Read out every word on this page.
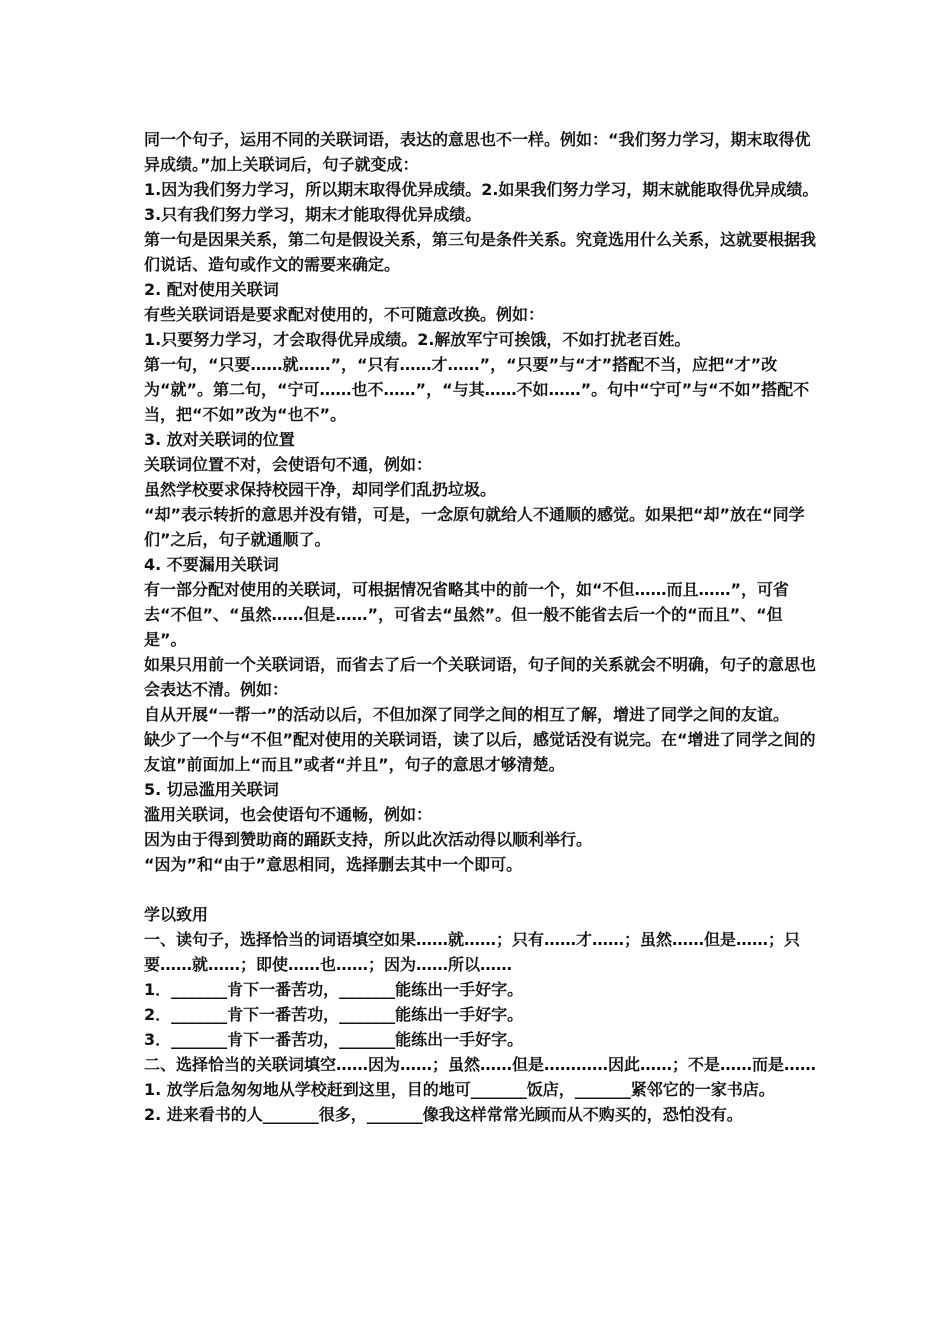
同一个句子，运用不同的关联词语，表达的意思也不一样。例如：“我们努力学习，期末取得优异成绩。”加上关联词后，句子就变成：

1.因为我们努力学习，所以期末取得优异成绩。2.如果我们努力学习，期末就能取得优异成绩。3.只有我们努力学习，期末才能取得优异成绩。

第一句是因果关系，第二句是假设关系，第三句是条件关系。究竟选用什么关系，这就要根据我们说话、造句或作文的需要来确定。

2. 配对使用关联词

有些关联词语是要求配对使用的，不可随意改换。例如：

1.只要努力学习，才会取得优异成绩。2.解放军宁可挨饿，不如打扰老百姓。

第一句，“只要……就……”，“只有……才……”，“只要”与“才”搭配不当，应把“才”改为“就”。第二句，“宁可……也不……”，“与其……不如……”。句中“宁可”与“不如”搭配不当，把“不如”改为“也不”。

3. 放对关联词的位置

关联词位置不对，会使语句不通，例如：

虽然学校要求保持校园干净，却同学们乱扔垃圾。

“却”表示转折的意思并没有错，可是，一念原句就给人不通顺的感觉。如果把“却”放在“同学们”之后，句子就通顺了。

4. 不要漏用关联词

有一部分配对使用的关联词，可根据情况省略其中的前一个，如“不但……而且……”，可省去“不但”、“虽然……但是……”，可省去“虽然”。但一般不能省去后一个的“而且”、“但是”。

如果只用前一个关联词语，而省去了后一个关联词语，句子间的关系就会不明确，句子的意思也会表达不清。例如：

自从开展“一帮一”的活动以后，不但加深了同学之间的相互了解，增进了同学之间的友谊。

缺少了一个与“不但”配对使用的关联词语，读了以后，感觉话没有说完。在“增进了同学之间的友谊”前面加上“而且”或者“并且”，句子的意思才够清楚。

5. 切忌滥用关联词

滥用关联词，也会使语句不通畅，例如：

因为由于得到赞助商的踊跃支持，所以此次活动得以顺利举行。

“因为”和“由于”意思相同，选择删去其中一个即可。

学以致用

一、读句子，选择恰当的词语填空如果……就……；只有……才……；虽然……但是……；只要……就……；即使……也……；因为……所以……

1．_______肯下一番苦功，_______能练出一手好字。

2．_______肯下一番苦功，_______能练出一手好字。

3．_______肯下一番苦功，_______能练出一手好字。

二、选择恰当的关联词填空……因为……；虽然……但是…………因此……；不是……而是……

1. 放学后急匆匆地从学校赶到这里，目的地可_______饭店，_______紧邻它的一家书店。

2. 进来看书的人_______很多，_______像我这样常常光顾而从不购买的，恐怕没有。
